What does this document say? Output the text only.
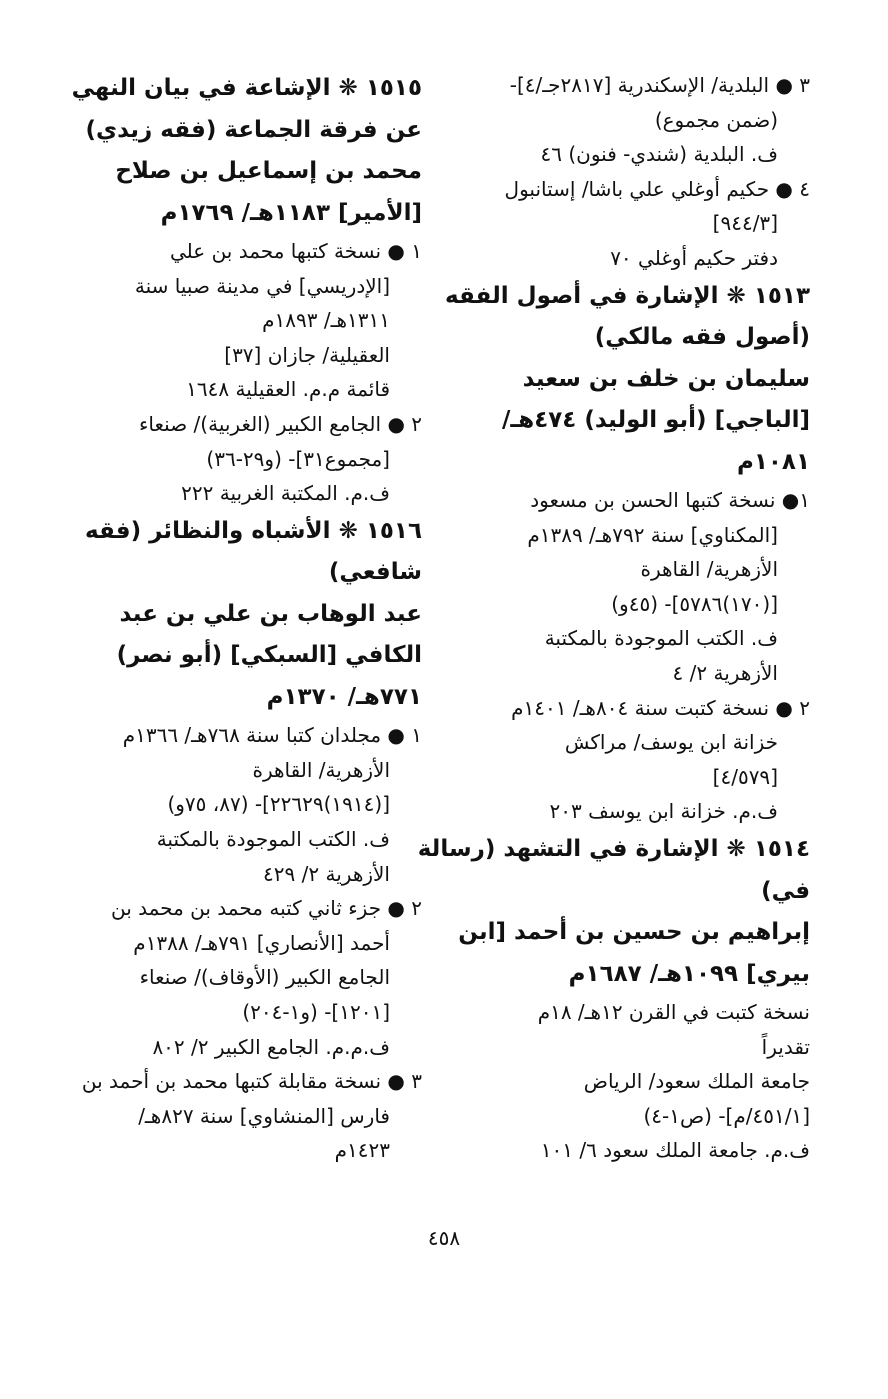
٣ ● البلدية/ الإسكندرية [٢٨١٧جـ/٤]-
(ضمن مجموع)
ف. البلدية (شندي- فنون) ٤٦
٤ ● حكيم أوغلي علي باشا/ إستانبول
[٩٤٤/٣]
دفتر حكيم أوغلي ٧٠
١٥١٣ ❋ الإشارة في أصول الفقه
(أصول فقه مالكي)
سليمان بن خلف بن سعيد
[الباجي] (أبو الوليد) ٤٧٤هـ/
١٠٨١م
١● نسخة كتبها الحسن بن مسعود
[المكناوي] سنة ٧٩٢هـ/ ١٣٨٩م
الأزهرية/ القاهرة
[(١٧٠)٥٧٨٦]- (٤٥و)
ف. الكتب الموجودة بالمكتبة
الأزهرية ٢/ ٤
٢ ● نسخة كتبت سنة ٨٠٤هـ/ ١٤٠١م
خزانة ابن يوسف/ مراكش
[٤/٥٧٩]
ف.م. خزانة ابن يوسف ٢٠٣
١٥١٤ ❋ الإشارة في التشهد (رسالة
في)
إبراهيم بن حسين بن أحمد [ابن
بيري] ١٠٩٩هـ/ ١٦٨٧م
نسخة كتبت في القرن ١٢هـ/ ١٨م
تقديراً
جامعة الملك سعود/ الرياض
[٤٥١/١/م]- (ص١-٤)
ف.م. جامعة الملك سعود ٦/ ١٠١
١٥١٥ ❋ الإشاعة في بيان النهي
عن فرقة الجماعة (فقه زيدي)
محمد بن إسماعيل بن صلاح
[الأمير] ١١٨٣هـ/ ١٧٦٩م
١ ● نسخة كتبها محمد بن علي
[الإدريسي] في مدينة صبيا سنة
١٣١١هـ/ ١٨٩٣م
العقيلية/ جازان [٣٧]
قائمة م.م. العقيلية ١٦٤٨
٢ ● الجامع الكبير (الغربية)/ صنعاء
[مجموع٣١]- (و٢٩-٣٦)
ف.م. المكتبة الغربية ٢٢٢
١٥١٦ ❋ الأشباه والنظائر (فقه
شافعي)
عبد الوهاب بن علي بن عبد
الكافي [السبكي] (أبو نصر)
٧٧١هـ/ ١٣٧٠م
١ ● مجلدان كتبا سنة ٧٦٨هـ/ ١٣٦٦م
الأزهرية/ القاهرة
[(١٩١٤)٢٢٦٢٩]- (٨٧، ٧٥و)
ف. الكتب الموجودة بالمكتبة
الأزهرية ٢/ ٤٢٩
٢ ● جزء ثاني كتبه محمد بن محمد بن
أحمد [الأنصاري] ٧٩١هـ/ ١٣٨٨م
الجامع الكبير (الأوقاف)/ صنعاء
[١٢٠١]- (و١-٢٠٤)
ف.م.م. الجامع الكبير ٢/ ٨٠٢
٣ ● نسخة مقابلة كتبها محمد بن أحمد بن
فارس [المنشاوي] سنة ٨٢٧هـ/
١٤٢٣م
٤٥٨
